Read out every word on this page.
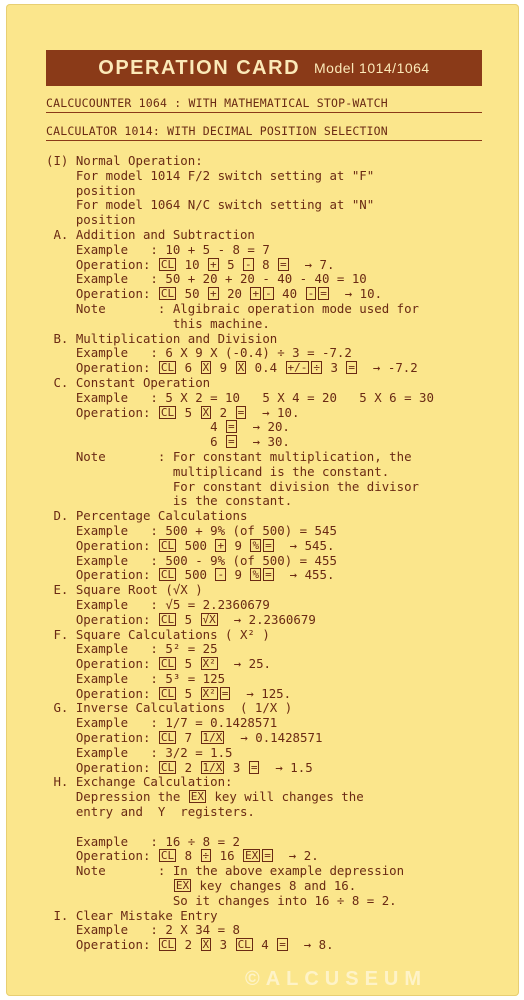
OPERATION CARD Model 1014/1064
CALCUCOUNTER 1064 : WITH MATHEMATICAL STOP-WATCH
CALCULATOR 1014: WITH DECIMAL POSITION SELECTION
(I) Normal Operation:
For model 1014 F/2 switch setting at "F"
position
For model 1064 N/C switch setting at "N"
position
A. Addition and Subtraction
Example   : 10 + 5 - 8 = 7
Operation: CL 10 + 5 - 8 =  → 7.
Example   : 50 + 20 + 20 - 40 - 40 = 10
Operation: CL 50 + 20 + - 40 - =  → 10.
Note       : Algibraic operation mode used for
this machine.
B. Multiplication and Division
Example   : 6 X 9 X (-0.4) ÷ 3 = -7.2
Operation: CL 6 X 9 X 0.4 +/- ÷ 3 =  → -7.2
C. Constant Operation
Example   : 5 X 2 = 10   5 X 4 = 20   5 X 6 = 30
Operation: CL 5 X 2 =  → 10.
4 =  → 20.
6 =  → 30.
Note       : For constant multiplication, the
multiplicand is the constant.
For constant division the divisor
is the constant.
D. Percentage Calculations
Example   : 500 + 9% (of 500) = 545
Operation: CL 500 + 9 % =  → 545.
Example   : 500 - 9% (of 500) = 455
Operation: CL 500 - 9 % =  → 455.
E. Square Root (√X )
Example   : √5 = 2.2360679
Operation: CL 5 √X  → 2.2360679
F. Square Calculations ( X² )
Example   : 5² = 25
Operation: CL 5 X²  → 25.
Example   : 5³ = 125
Operation: CL 5 X² =  → 125.
G. Inverse Calculations  ( 1/X )
Example   : 1/7 = 0.1428571
Operation: CL 7 1/X  → 0.1428571
Example   : 3/2 = 1.5
Operation: CL 2 1/X 3 =  → 1.5
H. Exchange Calculation:
Depression the EX key will changes the
entry and  Y  registers.

Example   : 16 ÷ 8 = 2
Operation: CL 8 ÷ 16 EX =  → 2.
Note       : In the above example depression
EX key changes 8 and 16.
So it changes into 16 ÷ 8 = 2.
I. Clear Mistake Entry
Example   : 2 X 34 = 8
Operation: CL 2 X 3 CL 4 =  → 8.
©ALCUSEUM
